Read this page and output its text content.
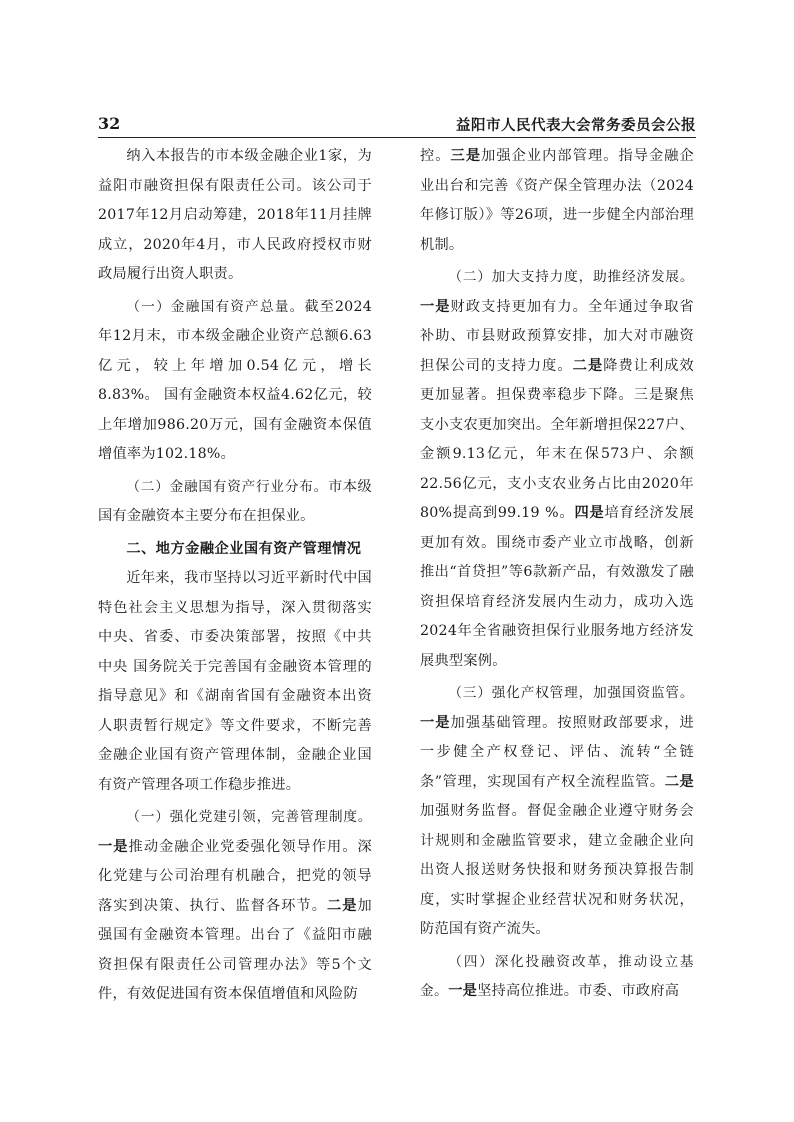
32	益阳市人民代表大会常务委员会公报

纳入本报告的市本级金融企业1家，为益阳市融资担保有限责任公司。该公司于2017年12月启动筹建，2018年11月挂牌成立，2020年4月，市人民政府授权市财政局履行出资人职责。

（一）金融国有资产总量。截至2024年12月末，市本级金融企业资产总额6.63亿元，较上年增加0.54亿元，增长8.83%。 国有金融资本权益4.62亿元，较上年增加986.20万元，国有金融资本保值增值率为102.18%。

（二）金融国有资产行业分布。市本级国有金融资本主要分布在担保业。

二、地方金融企业国有资产管理情况

近年来，我市坚持以习近平新时代中国特色社会主义思想为指导，深入贯彻落实中央、省委、市委决策部署，按照《中共中央 国务院关于完善国有金融资本管理的指导意见》和《湖南省国有金融资本出资人职责暂行规定》等文件要求，不断完善金融企业国有资产管理体制，金融企业国有资产管理各项工作稳步推进。

（一）强化党建引领，完善管理制度。一是推动金融企业党委强化领导作用。深化党建与公司治理有机融合，把党的领导落实到决策、执行、监督各环节。二是加强国有金融资本管理。出台了《益阳市融资担保有限责任公司管理办法》等5个文件，有效促进国有资本保值增值和风险防

控。三是加强企业内部管理。指导金融企业出台和完善《资产保全管理办法（2024年修订版）》等26项，进一步健全内部治理机制。

（二）加大支持力度，助推经济发展。一是财政支持更加有力。全年通过争取省补助、市县财政预算安排，加大对市融资担保公司的支持力度。二是降费让利成效更加显著。担保费率稳步下降。三是聚焦支小支农更加突出。全年新增担保227户、金额9.13亿元，年末在保573户、余额22.56亿元，支小支农业务占比由2020年80%提高到99.19 %。四是培育经济发展更加有效。围绕市委产业立市战略，创新推出“首贷担”等6款新产品，有效激发了融资担保培育经济发展内生动力，成功入选2024年全省融资担保行业服务地方经济发展典型案例。

（三）强化产权管理，加强国资监管。一是加强基础管理。按照财政部要求，进一步健全产权登记、评估、流转“全链条”管理，实现国有产权全流程监管。二是加强财务监督。督促金融企业遵守财务会计规则和金融监管要求，建立金融企业向出资人报送财务快报和财务预决算报告制度，实时掌握企业经营状况和财务状况，防范国有资产流失。

（四）深化投融资改革，推动设立基金。一是坚持高位推进。市委、市政府高
